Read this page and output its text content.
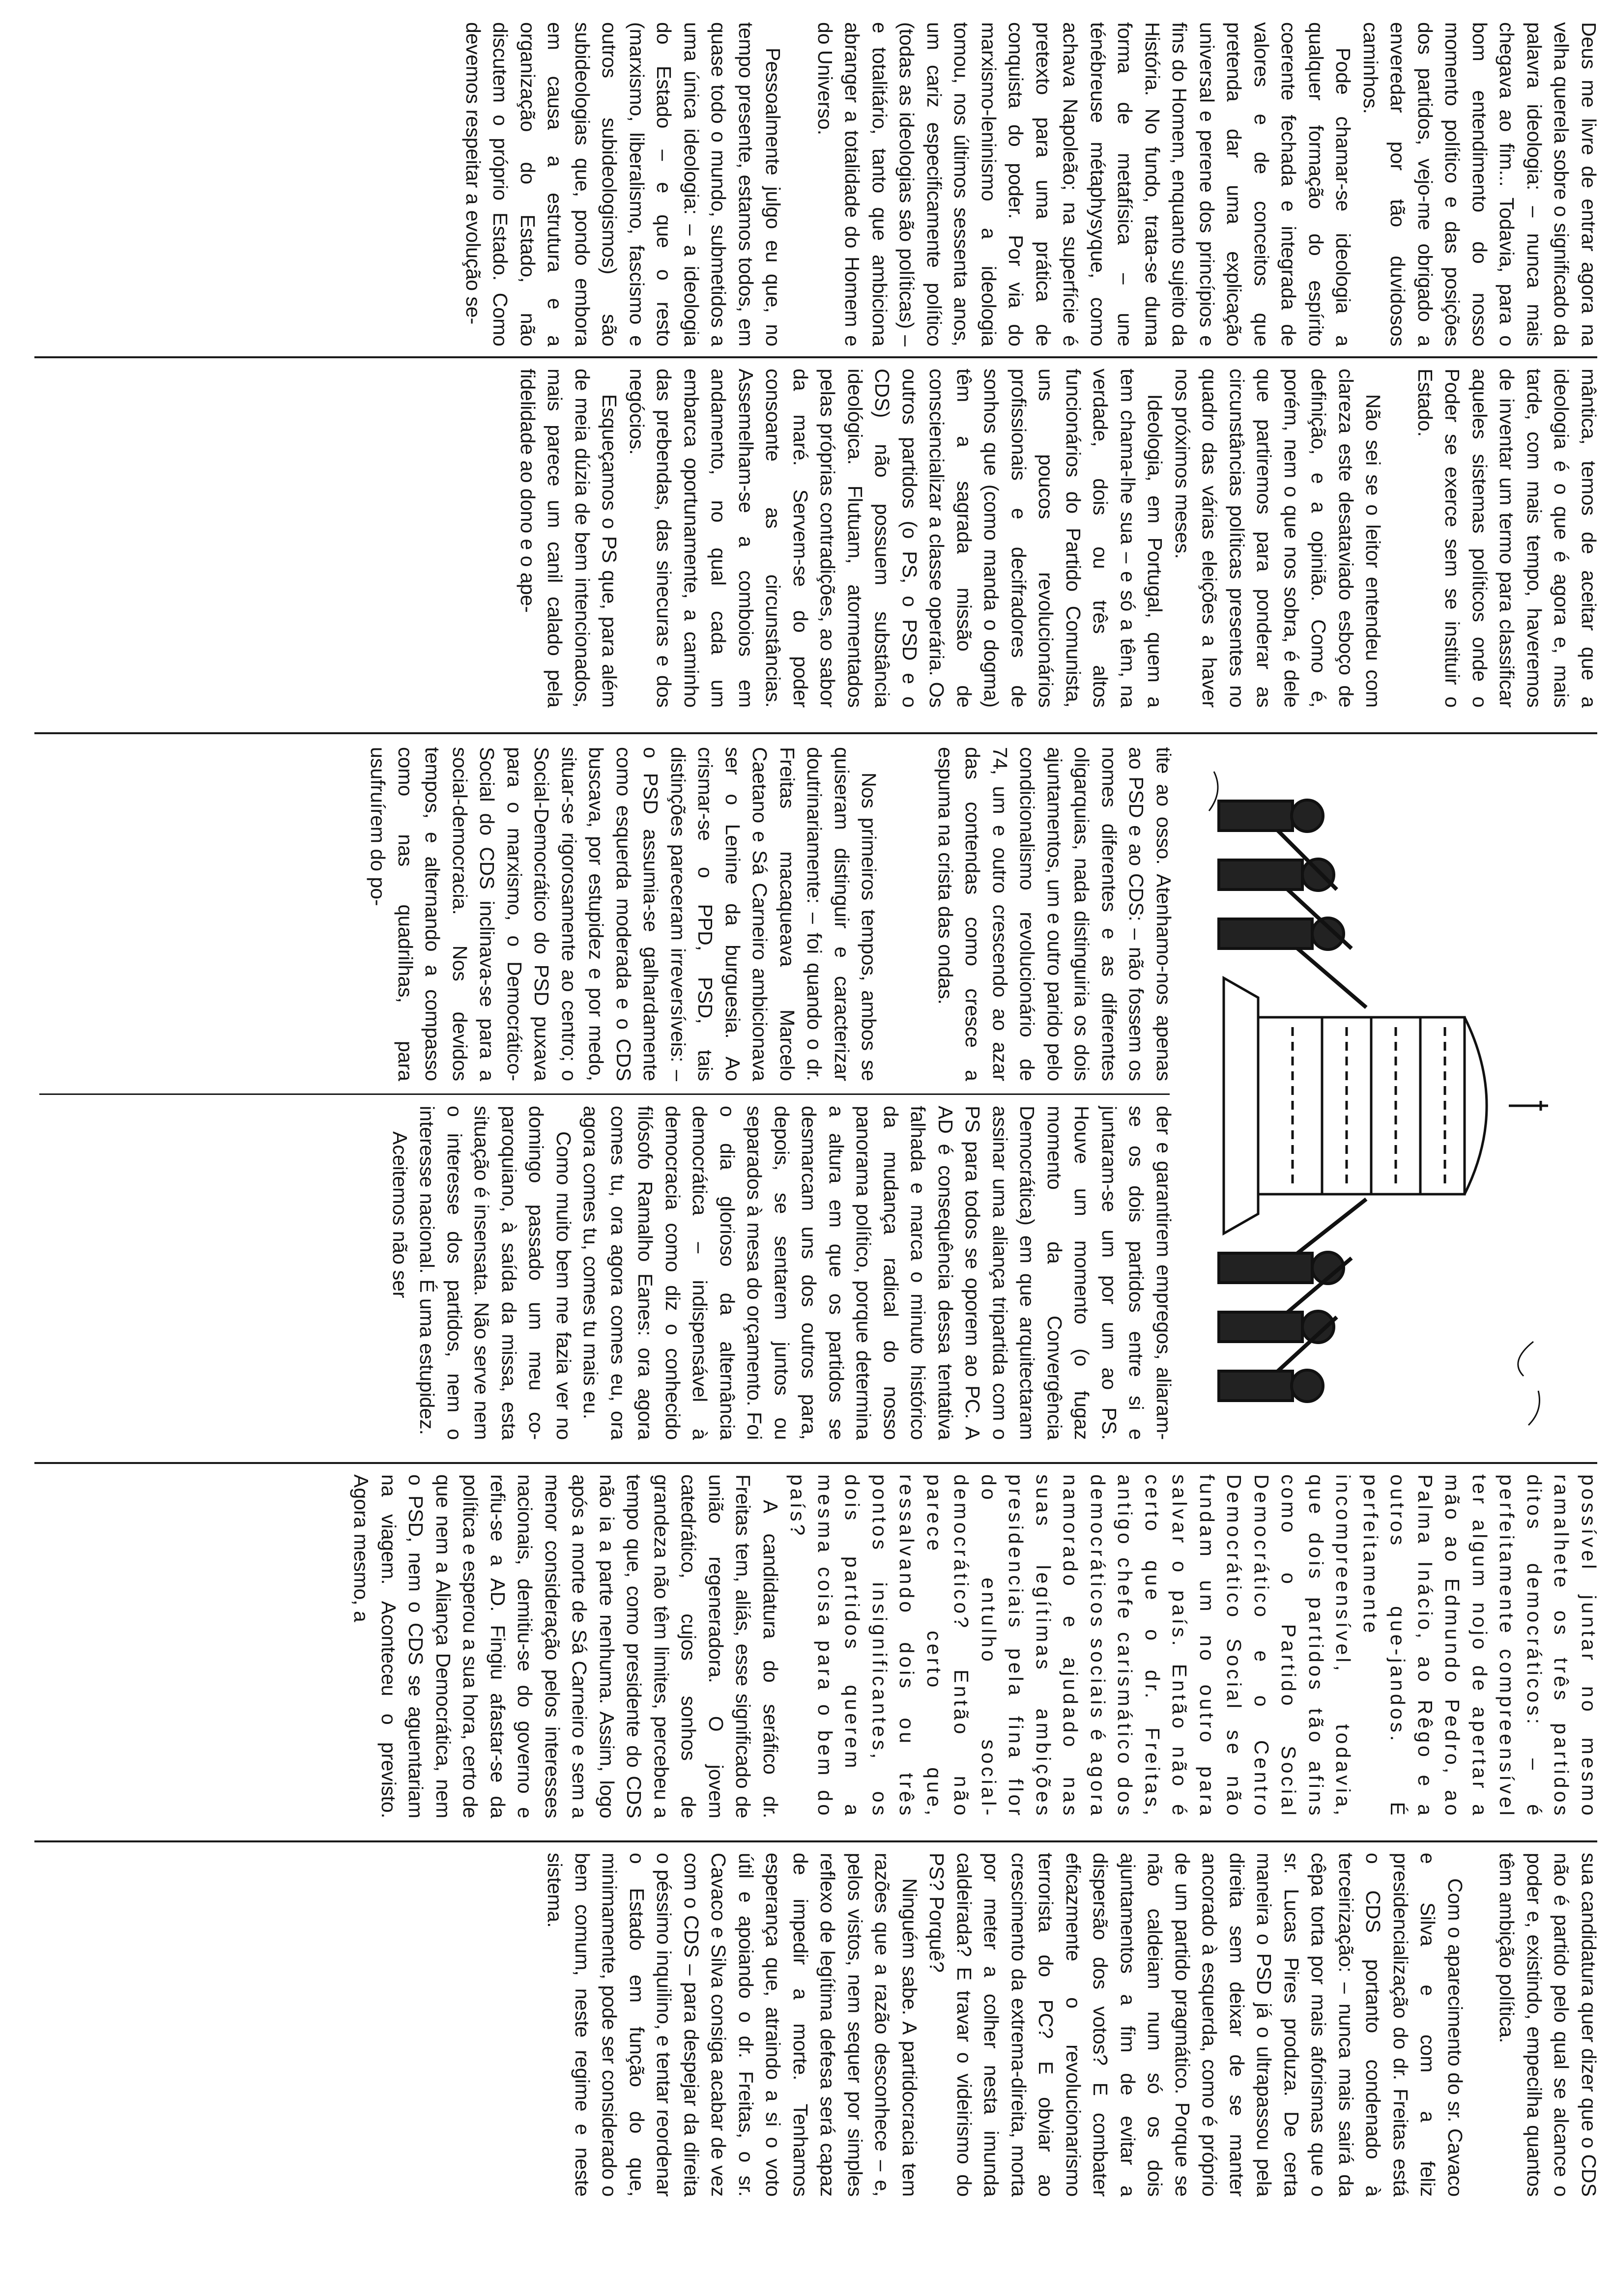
Deus me livre de entrar agora na velha querela sobre o significado da palavra ideologia: – nunca mais chegava ao fim... Todavia, para o bom entendimento do nosso momento político e das posições dos partidos, vejo-me obrigado a enveredar por tão duvidosos caminhos.

Pode chamar-se ideologia a qualquer formação do espírito coerente fechada e integrada de valores e de conceitos que pretenda dar uma explicação universal e perene dos princípios e fins do Homem, enquanto sujeito da História. No fundo, trata-se duma forma de metafísica – une ténébreuse métaphysyque, como achava Napoleão; na superfície é pretexto para uma prática de conquista do poder. Por via do marxismo-leninismo a ideologia tomou, nos últimos sessenta anos, um cariz especificamente político (todas as ideologias são políticas) – e totalitário, tanto que ambiciona abranger a totalidade do Homem e do Universo.

Pessoalmente julgo eu que, no tempo presente, estamos todos, em quase todo o mundo, submetidos a uma única ideologia: – a ideologia do Estado – e que o resto (marxismo, liberalismo, fascismo e outros subideologismos) são subideologias que, pondo embora em causa a estrutura e a organização do Estado, não discutem o próprio Estado. Como devemos respeitar a evolução se-

mântica, temos de aceitar que a ideologia é o que é agora e, mais tarde, com mais tempo, haveremos de inventar um termo para classificar aqueles sistemas políticos onde o Poder se exerce sem se instituir o Estado.

Não sei se o leitor entendeu com clareza este desataviado esboço de definição, e a opinião. Como é, porém, nem o que nos sobra, é dele que partiremos para ponderar as circunstâncias políticas presentes no quadro das várias eleições a haver nos próximos meses.

Ideologia, em Portugal, quem a tem chama-lhe sua – e só a têm, na verdade, dois ou três altos funcionários do Partido Comunista, uns poucos revolucionários profissionais e decifradores de sonhos que (como manda o dogma) têm a sagrada missão de consciencializar a classe operária. Os outros partidos (o PS, o PSD e o CDS) não possuem substância ideológica. Flutuam, atormentados pelas próprias contradições, ao sabor da maré. Servem-se do poder consoante as circunstâncias. Assemelham-se a comboios em andamento, no qual cada um embarca oportunamente, a caminho das prebendas, das sinecuras e dos negócios.

Esqueçamos o PS que, para além de meia dúzia de bem intencionados, mais parece um canil calado pela fidelidade ao dono e o ape-

tite ao osso. Atenhamo-nos apenas ao PSD e ao CDS: – não fossem os nomes diferentes e as diferentes oligarquias, nada distinguiria os dois ajuntamentos, um e outro parido pelo condicionalismo revolucionário de 74, um e outro crescendo ao azar das contendas como cresce a espuma na crista das ondas.

Nos primeiros tempos, ambos se quiseram distinguir e caracterizar doutrinariamente: – foi quando o dr. Freitas macaqueava Marcelo Caetano e Sá Carneiro ambicionava ser o Lenine da burguesia. Ao crismar-se o PPD, PSD, tais distinções pareceram irreversíveis: – o PSD assumia-se galhardamente como esquerda moderada e o CDS buscava, por estupidez e por medo, situar-se rigorosamente ao centro; o Social-Democrático do PSD puxava para o marxismo, o Democrático-Social do CDS inclinava-se para a social-democracia. Nos devidos tempos, e alternando a compasso como nas quadrilhas, para usufruírem do po-

der e garantirem empregos, aliaram-se os dois partidos entre si e juntaram-se um por um ao PS. Houve um momento (o fugaz momento da Convergência Democrática) em que arquitectaram assinar uma aliança tripartida com o PS para todos se oporem ao PC. A AD é consequência dessa tentativa falhada e marca o minuto histórico da mudança radical do nosso panorama político, porque determina a altura em que os partidos se desmarcam uns dos outros para, depois, se sentarem juntos ou separados à mesa do orçamento. Foi o dia glorioso da alternância democrática – indispensável à democracia como diz o conhecido filósofo Ramalho Eanes: ora agora comes tu, ora agora comes eu, ora agora comes tu, comes tu mais eu.

Como muito bem me fazia ver no domingo passado um meu co-paroquiano, à saída da missa, esta situação é insensata. Não serve nem o interesse dos partidos, nem o interesse nacional. É uma estupidez.

Aceitemos não ser

possível juntar no mesmo ramalhete os três partidos ditos democráticos: – é perfeitamente compreensível ter algum nojo de apertar a mão ao Edmundo Pedro, ao Palma Inácio, ao Rêgo e a outros que-jandos. É perfeitamente incompreensível, todavia, que dois partidos tão afins como o Partido Social Democrático e o Centro Democrático Social se não fundam um no outro para salvar o país. Então não é certo que o dr. Freitas, antigo chefe carismático dos democráticos sociais é agora namorado e ajudado nas suas legítimas ambições presidenciais pela fina flor do entulho social-democrático? Então não parece certo que, ressalvando dois ou três pontos insignificantes, os dois partidos querem a mesma coisa para o bem do país?

A candidatura do seráfico dr. Freitas tem, aliás, esse significado de união regeneradora. O jovem catedrático, cujos sonhos de grandeza não têm limites, percebeu a tempo que, como presidente do CDS não ia a parte nenhuma. Assim, logo após a morte de Sá Carneiro e sem a menor consideração pelos interesses nacionais, demitiu-se do governo e refiu-se a AD. Fingiu afastar-se da política e esperou a sua hora, certo de que nem a Aliança Democrática, nem o PSD, nem o CDS se aguentariam na viagem. Aconteceu o previsto. Agora mesmo, a

sua candidatura quer dizer que o CDS não é partido pelo qual se alcance o poder e, existindo, empecilha quantos têm ambição política.

Com o aparecimento do sr. Cavaco e Silva e com a feliz presidencialização do dr. Freitas está o CDS portanto condenado à terceirização: – nunca mais sairá da cêpa torta por mais aforismas que o sr. Lucas Pires produza. De certa maneira o PSD já o ultrapassou pela direita sem deixar de se manter ancorado à esquerda, como é próprio de um partido pragmático. Porque se não caldeiam num só os dois ajuntamentos a fim de evitar a dispersão dos votos? E combater eficazmente o revolucionarismo terrorista do PC? E obviar ao crescimento da extrema-direita, morta por meter a colher nesta imunda caldeirada? E travar o videirismo do PS? Porquê?

Ninguém sabe. A partidocracia tem razões que a razão desconhece – e, pelos vistos, nem sequer por simples reflexo de legítima defesa será capaz de impedir a morte. Tenhamos esperança que, atraindo a si o voto útil e apoiando o dr. Freitas, o sr. Cavaco e Silva consiga acabar de vez com o CDS – para despejar da direita o péssimo inquilino, e tentar reordenar o Estado em função do que, minimamente, pode ser considerado o bem comum, neste regime e neste sistema.
